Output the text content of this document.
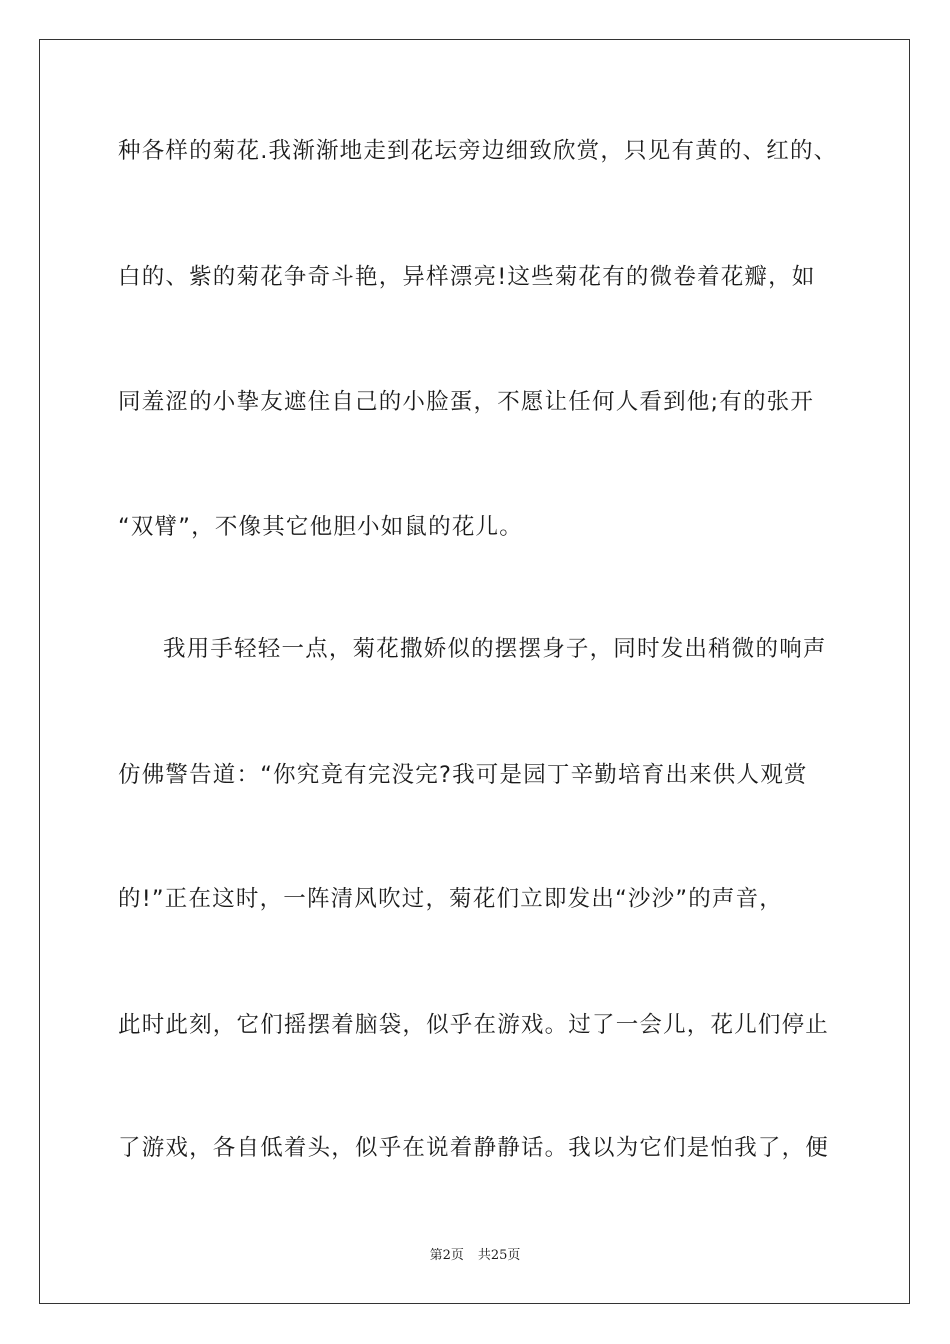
种各样的菊花.我渐渐地走到花坛旁边细致欣赏，只见有黄的、红的、
白的、紫的菊花争奇斗艳，异样漂亮!这些菊花有的微卷着花瓣，如
同羞涩的小挚友遮住自己的小脸蛋，不愿让任何人看到他;有的张开
“双臂”，不像其它他胆小如鼠的花儿。
我用手轻轻一点，菊花撒娇似的摆摆身子，同时发出稍微的响声
仿佛警告道：“你究竟有完没完?我可是园丁辛勤培育出来供人观赏
的!”正在这时，一阵清风吹过，菊花们立即发出“沙沙”的声音，
此时此刻，它们摇摆着脑袋，似乎在游戏。过了一会儿，花儿们停止
了游戏，各自低着头，似乎在说着静静话。我以为它们是怕我了，便
第2页 共25页
